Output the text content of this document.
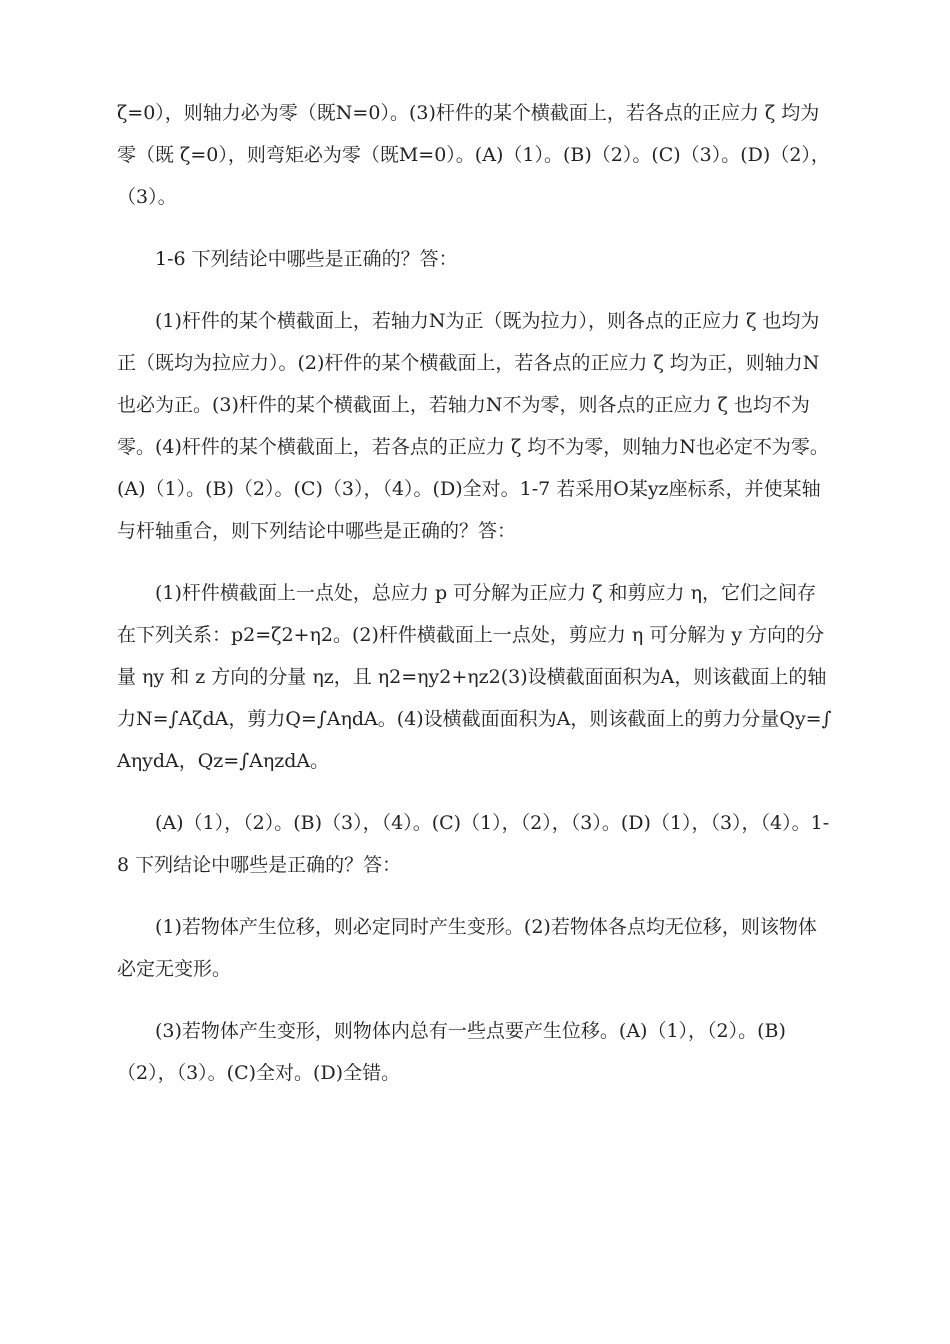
ζ=0），则轴力必为零（既N=0）。(3)杆件的某个横截面上，若各点的正应力 ζ 均为零（既 ζ=0），则弯矩必为零（既M=0）。(A)（1）。(B)（2）。(C)（3）。(D)（2），（3）。

1-6 下列结论中哪些是正确的？答：

(1)杆件的某个横截面上，若轴力N为正（既为拉力），则各点的正应力 ζ 也均为正（既均为拉应力）。(2)杆件的某个横截面上，若各点的正应力 ζ 均为正，则轴力N也必为正。(3)杆件的某个横截面上，若轴力N不为零，则各点的正应力 ζ 也均不为零。(4)杆件的某个横截面上，若各点的正应力 ζ 均不为零，则轴力N也必定不为零。(A)（1）。(B)（2）。(C)（3），（4）。(D)全对。1-7 若采用O某yz座标系，并使某轴与杆轴重合，则下列结论中哪些是正确的？答：

(1)杆件横截面上一点处，总应力 p 可分解为正应力 ζ 和剪应力 η，它们之间存在下列关系：p2=ζ2+η2。(2)杆件横截面上一点处，剪应力 η 可分解为 y 方向的分量 ηy 和 z 方向的分量 ηz，且 η2=ηy2+ηz2(3)设横截面面积为A，则该截面上的轴力N=∫AζdA，剪力Q=∫AηdA。(4)设横截面面积为A，则该截面上的剪力分量Qy=∫AηydA，Qz=∫AηzdA。

(A)（1），（2）。(B)（3），（4）。(C)（1），（2），（3）。(D)（1），（3），（4）。1-8 下列结论中哪些是正确的？答：

(1)若物体产生位移，则必定同时产生变形。(2)若物体各点均无位移，则该物体必定无变形。

(3)若物体产生变形，则物体内总有一些点要产生位移。(A)（1），（2）。(B)（2），（3）。(C)全对。(D)全错。
